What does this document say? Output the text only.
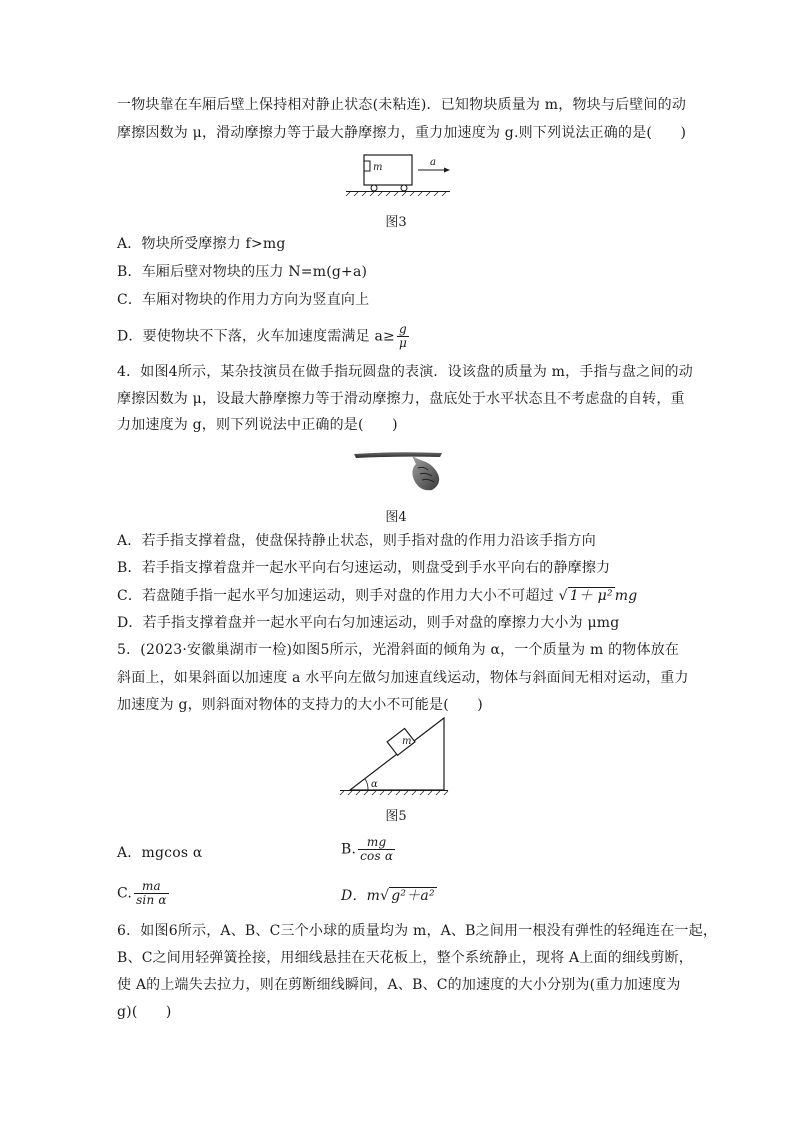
一物块靠在车厢后壁上保持相对静止状态(未粘连)．已知物块质量为 m，物块与后壁间的动
摩擦因数为 μ，滑动摩擦力等于最大静摩擦力，重力加速度为 g.则下列说法正确的是(　　)
m	a
图3
A．物块所受摩擦力 f>mg
B．车厢后壁对物块的压力 N=m(g+a)
C．车厢对物块的作用力方向为竖直向上
D．要使物块不下落，火车加速度需满足 $a\ge \frac{g}{\mu}$
4．如图4所示，某杂技演员在做手指玩圆盘的表演．设该盘的质量为 m，手指与盘之间的动
摩擦因数为 μ，设最大静摩擦力等于滑动摩擦力，盘底处于水平状态且不考虑盘的自转，重
力加速度为 g，则下列说法中正确的是(　　)
图4
A．若手指支撑着盘，使盘保持静止状态，则手指对盘的作用力沿该手指方向
B．若手指支撑着盘并一起水平向右匀速运动，则盘受到手水平向右的静摩擦力
C．若盘随手指一起水平匀加速运动，则手对盘的作用力大小不可超过 √ 1＋ μ² mg
D．若手指支撑着盘并一起水平向右匀加速运动，则手对盘的摩擦力大小为 μmg
5．(2023·安徽巢湖市一检)如图5所示，光滑斜面的倾角为 α，一个质量为 m 的物体放在
斜面上，如果斜面以加速度 a 水平向左做匀加速直线运动，物体与斜面间无相对运动，重力
加速度为 g，则斜面对物体的支持力的大小不可能是(　　)
m
α
图5
A．mgcos α	B. $\frac{mg}{\text{cos α}}$
C. $\frac{ma}{\text{sin α}}$	D．m√ g²＋a²
6．如图6所示，A、B、C三个小球的质量均为 m，A、B之间用一根没有弹性的轻绳连在一起，
B、C之间用轻弹簧拴接，用细线悬挂在天花板上，整个系统静止，现将 A上面的细线剪断，
使 A的上端失去拉力，则在剪断细线瞬间，A、B、C的加速度的大小分别为(重力加速度为
g)(　　)
